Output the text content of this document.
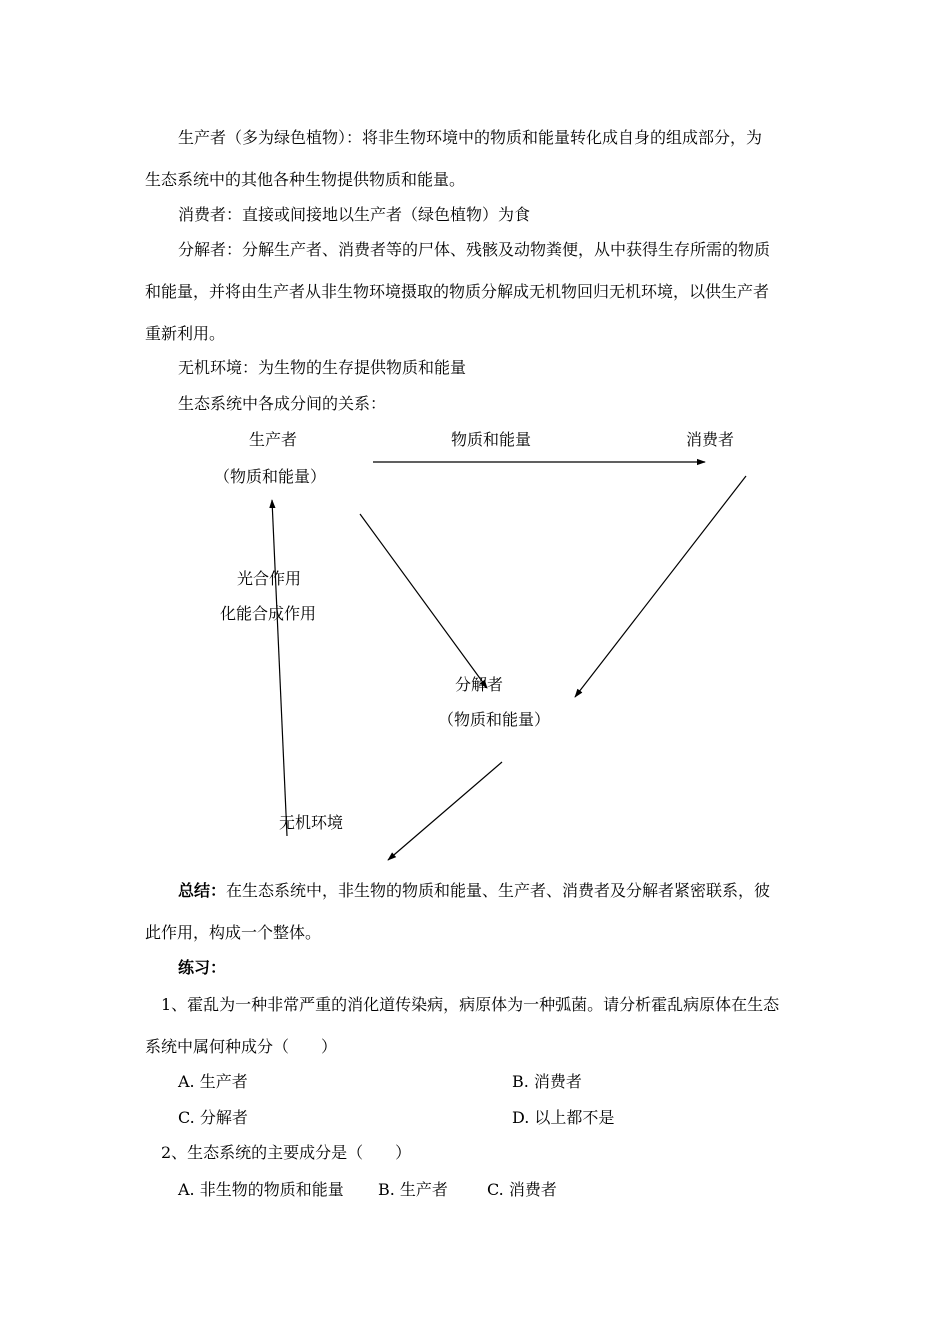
生产者（多为绿色植物）：将非生物环境中的物质和能量转化成自身的组成部分，为
生态系统中的其他各种生物提供物质和能量。
消费者：直接或间接地以生产者（绿色植物）为食
分解者：分解生产者、消费者等的尸体、残骸及动物粪便，从中获得生存所需的物质
和能量，并将由生产者从非生物环境摄取的物质分解成无机物回归无机环境，以供生产者
重新利用。
无机环境：为生物的生存提供物质和能量
生态系统中各成分间的关系：
生产者
（物质和能量）
物质和能量	消费者
光合作用
化能合成作用
分解者
（物质和能量）
无机环境
总结：在生态系统中，非生物的物质和能量、生产者、消费者及分解者紧密联系，彼
此作用，构成一个整体。
练习：
1、霍乱为一种非常严重的消化道传染病，病原体为一种弧菌。请分析霍乱病原体在生态
系统中属何种成分（　　）
A. 生产者	B. 消费者
C. 分解者	D. 以上都不是
2、生态系统的主要成分是（　　）
A. 非生物的物质和能量 B. 生产者 C. 消费者
